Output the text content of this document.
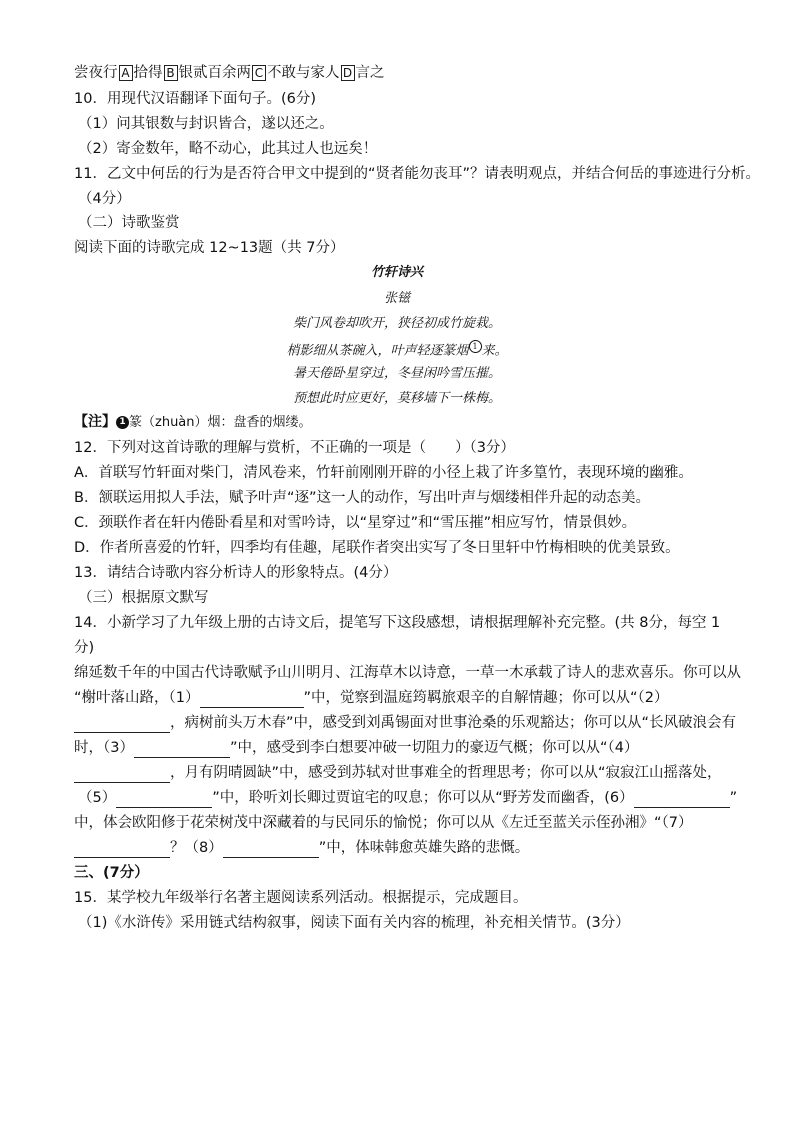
尝夜行 A 拾得 B 银贰百余两 C 不敢与家人 D 言之
10．用现代汉语翻译下面句子。(6分)
（1）问其银数与封识皆合，遂以还之。
（2）寄金数年，略不动心，此其过人也远矣！
11．乙文中何岳的行为是否符合甲文中提到的“贤者能勿丧耳”？请表明观点，并结合何岳的事迹进行分析。
（4分）
（二）诗歌鉴赏
阅读下面的诗歌完成 12~13题（共 7分）
竹轩诗兴
张镃
柴门风卷却吹开，狭径初成竹旋栽。
梢影细从茶碗入，叶声轻逐篆烟 1 来。
暑天倦卧星穿过，冬昼闲吟雪压摧。
预想此时应更好，莫移墙下一株梅。
【注】 1 篆（zhuàn）烟：盘香的烟缕。
12．下列对这首诗歌的理解与赏析，不正确的一项是（　　）（3分）
A．首联写竹轩面对柴门，清风卷来，竹轩前刚刚开辟的小径上栽了许多篁竹，表现环境的幽雅。
B．颔联运用拟人手法，赋予叶声“逐”这一人的动作，写出叶声与烟缕相伴升起的动态美。
C．颈联作者在轩内倦卧看星和对雪吟诗，以“星穿过”和“雪压摧”相应写竹，情景俱妙。
D．作者所喜爱的竹轩，四季均有佳趣，尾联作者突出实写了冬日里轩中竹梅相映的优美景致。
13．请结合诗歌内容分析诗人的形象特点。(4分）
（三）根据原文默写
14．小新学习了九年级上册的古诗文后，提笔写下这段感想，请根据理解补充完整。(共 8分，每空 1
分)
绵延数千年的中国古代诗歌赋予山川明月、江海草木以诗意，一草一木承载了诗人的悲欢喜乐。你可以从
“榭叶落山路，（1）	”中，觉察到温庭筠羁旅艰辛的自解情趣；你可以从“（2）
，病树前头万木春”中，感受到刘禹锡面对世事沧桑的乐观豁达；你可以从“长风破浪会有
时，（3）	”中，感受到李白想要冲破一切阻力的豪迈气概；你可以从“（4）
，月有阴晴圆缺”中，感受到苏轼对世事难全的哲理思考；你可以从“寂寂江山摇落处，
（5）	”中，聆听刘长卿过贾谊宅的叹息；你可以从“野芳发而幽香，(6）	”
中，体会欧阳修于花荣树茂中深藏着的与民同乐的愉悦；你可以从《左迁至蓝关示侄孙湘》“（7）
？（8）	”中，体味韩愈英雄失路的悲慨。
三、(7分）
15．某学校九年级举行名著主题阅读系列活动。根据提示，完成题目。
（1)《水浒传》采用链式结构叙事，阅读下面有关内容的梳理，补充相关情节。(3分）
